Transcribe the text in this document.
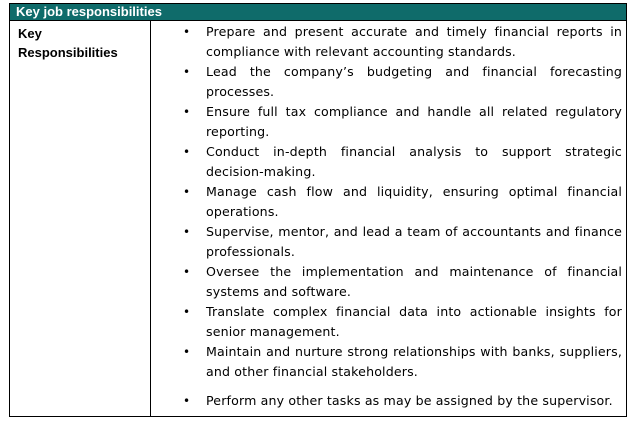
Key job responsibilities
Key
Responsibilities
• Prepare and present accurate and timely financial reports in compliance with relevant accounting standards.
• Lead the company’s budgeting and financial forecasting processes.
• Ensure full tax compliance and handle all related regulatory reporting.
• Conduct in-depth financial analysis to support strategic decision-making.
• Manage cash flow and liquidity, ensuring optimal financial operations.
• Supervise, mentor, and lead a team of accountants and finance professionals.
• Oversee the implementation and maintenance of financial systems and software.
• Translate complex financial data into actionable insights for senior management.
• Maintain and nurture strong relationships with banks, suppliers, and other financial stakeholders.
• Perform any other tasks as may be assigned by the supervisor.
